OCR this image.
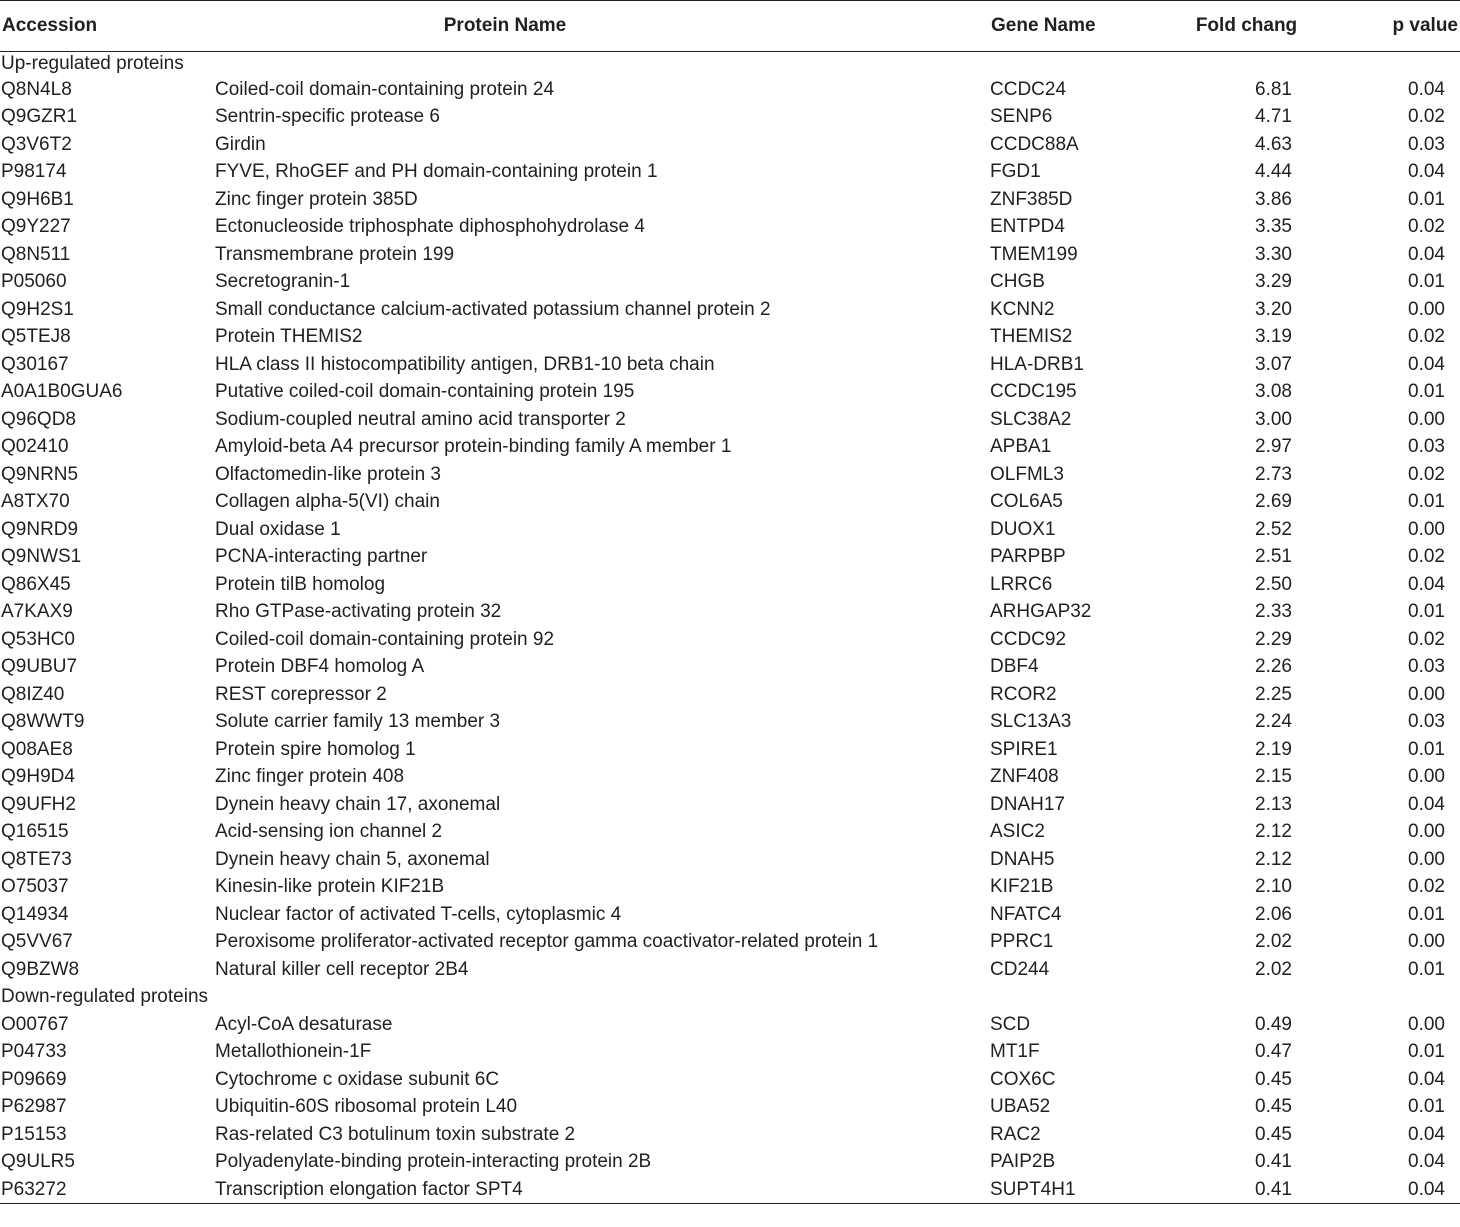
Accession	Protein Name	Gene Name	Fold chang	p value
Up-regulated proteins				
Q8N4L8	Coiled-coil domain-containing protein 24	CCDC24	6.81	0.04
Q9GZR1	Sentrin-specific protease 6	SENP6	4.71	0.02
Q3V6T2	Girdin	CCDC88A	4.63	0.03
P98174	FYVE, RhoGEF and PH domain-containing protein 1	FGD1	4.44	0.04
Q9H6B1	Zinc finger protein 385D	ZNF385D	3.86	0.01
Q9Y227	Ectonucleoside triphosphate diphosphohydrolase 4	ENTPD4	3.35	0.02
Q8N511	Transmembrane protein 199	TMEM199	3.30	0.04
P05060	Secretogranin-1	CHGB	3.29	0.01
Q9H2S1	Small conductance calcium-activated potassium channel protein 2	KCNN2	3.20	0.00
Q5TEJ8	Protein THEMIS2	THEMIS2	3.19	0.02
Q30167	HLA class II histocompatibility antigen, DRB1-10 beta chain	HLA-DRB1	3.07	0.04
A0A1B0GUA6	Putative coiled-coil domain-containing protein 195	CCDC195	3.08	0.01
Q96QD8	Sodium-coupled neutral amino acid transporter 2	SLC38A2	3.00	0.00
Q02410	Amyloid-beta A4 precursor protein-binding family A member 1	APBA1	2.97	0.03
Q9NRN5	Olfactomedin-like protein 3	OLFML3	2.73	0.02
A8TX70	Collagen alpha-5(VI) chain	COL6A5	2.69	0.01
Q9NRD9	Dual oxidase 1	DUOX1	2.52	0.00
Q9NWS1	PCNA-interacting partner	PARPBP	2.51	0.02
Q86X45	Protein tilB homolog	LRRC6	2.50	0.04
A7KAX9	Rho GTPase-activating protein 32	ARHGAP32	2.33	0.01
Q53HC0	Coiled-coil domain-containing protein 92	CCDC92	2.29	0.02
Q9UBU7	Protein DBF4 homolog A	DBF4	2.26	0.03
Q8IZ40	REST corepressor 2	RCOR2	2.25	0.00
Q8WWT9	Solute carrier family 13 member 3	SLC13A3	2.24	0.03
Q08AE8	Protein spire homolog 1	SPIRE1	2.19	0.01
Q9H9D4	Zinc finger protein 408	ZNF408	2.15	0.00
Q9UFH2	Dynein heavy chain 17, axonemal	DNAH17	2.13	0.04
Q16515	Acid-sensing ion channel 2	ASIC2	2.12	0.00
Q8TE73	Dynein heavy chain 5, axonemal	DNAH5	2.12	0.00
O75037	Kinesin-like protein KIF21B	KIF21B	2.10	0.02
Q14934	Nuclear factor of activated T-cells, cytoplasmic 4	NFATC4	2.06	0.01
Q5VV67	Peroxisome proliferator-activated receptor gamma coactivator-related protein 1	PPRC1	2.02	0.00
Q9BZW8	Natural killer cell receptor 2B4	CD244	2.02	0.01
Down-regulated proteins				
O00767	Acyl-CoA desaturase	SCD	0.49	0.00
P04733	Metallothionein-1F	MT1F	0.47	0.01
P09669	Cytochrome c oxidase subunit 6C	COX6C	0.45	0.04
P62987	Ubiquitin-60S ribosomal protein L40	UBA52	0.45	0.01
P15153	Ras-related C3 botulinum toxin substrate 2	RAC2	0.45	0.04
Q9ULR5	Polyadenylate-binding protein-interacting protein 2B	PAIP2B	0.41	0.04
P63272	Transcription elongation factor SPT4	SUPT4H1	0.41	0.04
